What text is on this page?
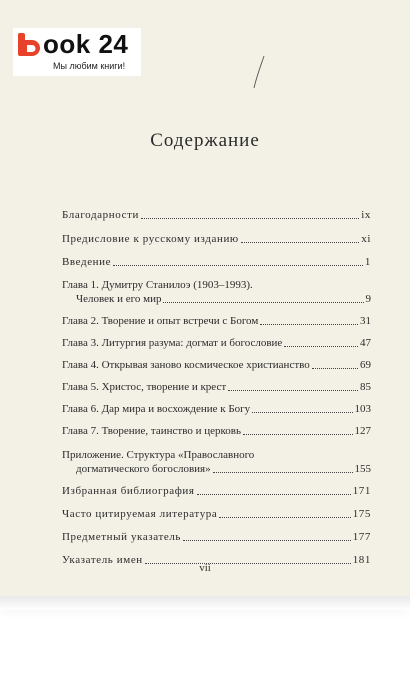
ook 24
Мы любим книги!
Содержание
Благодарности	ix
Предисловие к русскому изданию	xi
Введение	1
Глава 1. Думитру Станилоэ (1903–1993).
Человек и его мир	9
Глава 2. Творение и опыт встречи с Богом	31
Глава 3. Литургия разума: догмат и богословие	47
Глава 4. Открывая заново космическое христианство	69
Глава 5. Христос, творение и крест	85
Глава 6. Дар мира и восхождение к Богу	103
Глава 7. Творение, таинство и церковь	127
Приложение. Структура «Православного
догматического богословия»	155
Избранная библиография	171
Часто цитируемая литература	175
Предметный указатель	177
Указатель имен	181
vii
